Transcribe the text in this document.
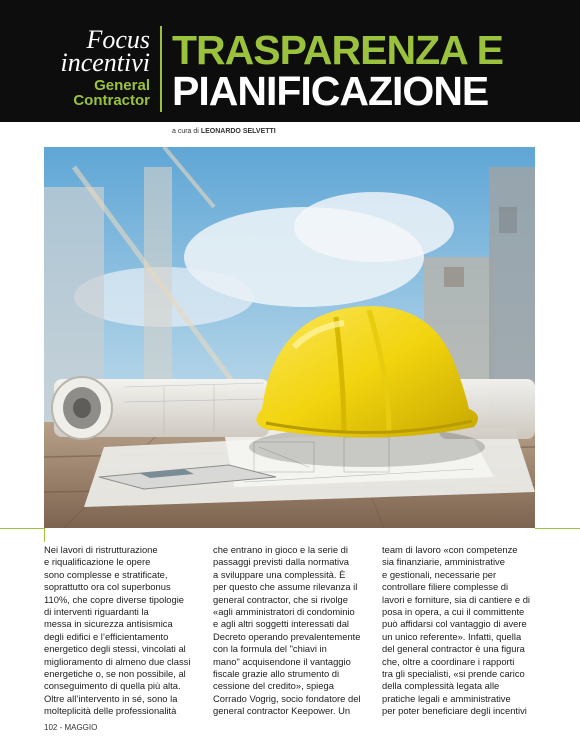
Focus
incentivi
General
Contractor
TRASPARENZA E
PIANIFICAZIONE
a cura di LEONARDO SELVETTI
Nei lavori di ristrutturazione
e riqualificazione le opere
sono complesse e stratificate,
soprattutto ora col superbonus
110%, che copre diverse tipologie
di interventi riguardanti la
messa in sicurezza antisismica
degli edifici e l’efficientamento
energetico degli stessi, vincolati al
miglioramento di almeno due classi
energetiche o, se non possibile, al
conseguimento di quella più alta.
Oltre all’intervento in sé, sono la
molteplicità delle professionalità
che entrano in gioco e la serie di
passaggi previsti dalla normativa
a sviluppare una complessità. È
per questo che assume rilevanza il
general contractor, che si rivolge
«agli amministratori di condominio
e agli altri soggetti interessati dal
Decreto operando prevalentemente
con la formula del "chiavi in
mano" acquisendone il vantaggio
fiscale grazie allo strumento di
cessione del credito», spiega
Corrado Vogrig, socio fondatore del
general contractor Keepower. Un
team di lavoro «con competenze
sia finanziarie, amministrative
e gestionali, necessarie per
controllare filiere complesse di
lavori e forniture, sia di cantiere e di
posa in opera, a cui il committente
può affidarsi col vantaggio di avere
un unico referente». Infatti, quella
del general contractor è una figura
che, oltre a coordinare i rapporti
tra gli specialisti, «si prende carico
della complessità legata alle
pratiche legali e amministrative
per poter beneficiare degli incentivi
102 - MAGGIO
